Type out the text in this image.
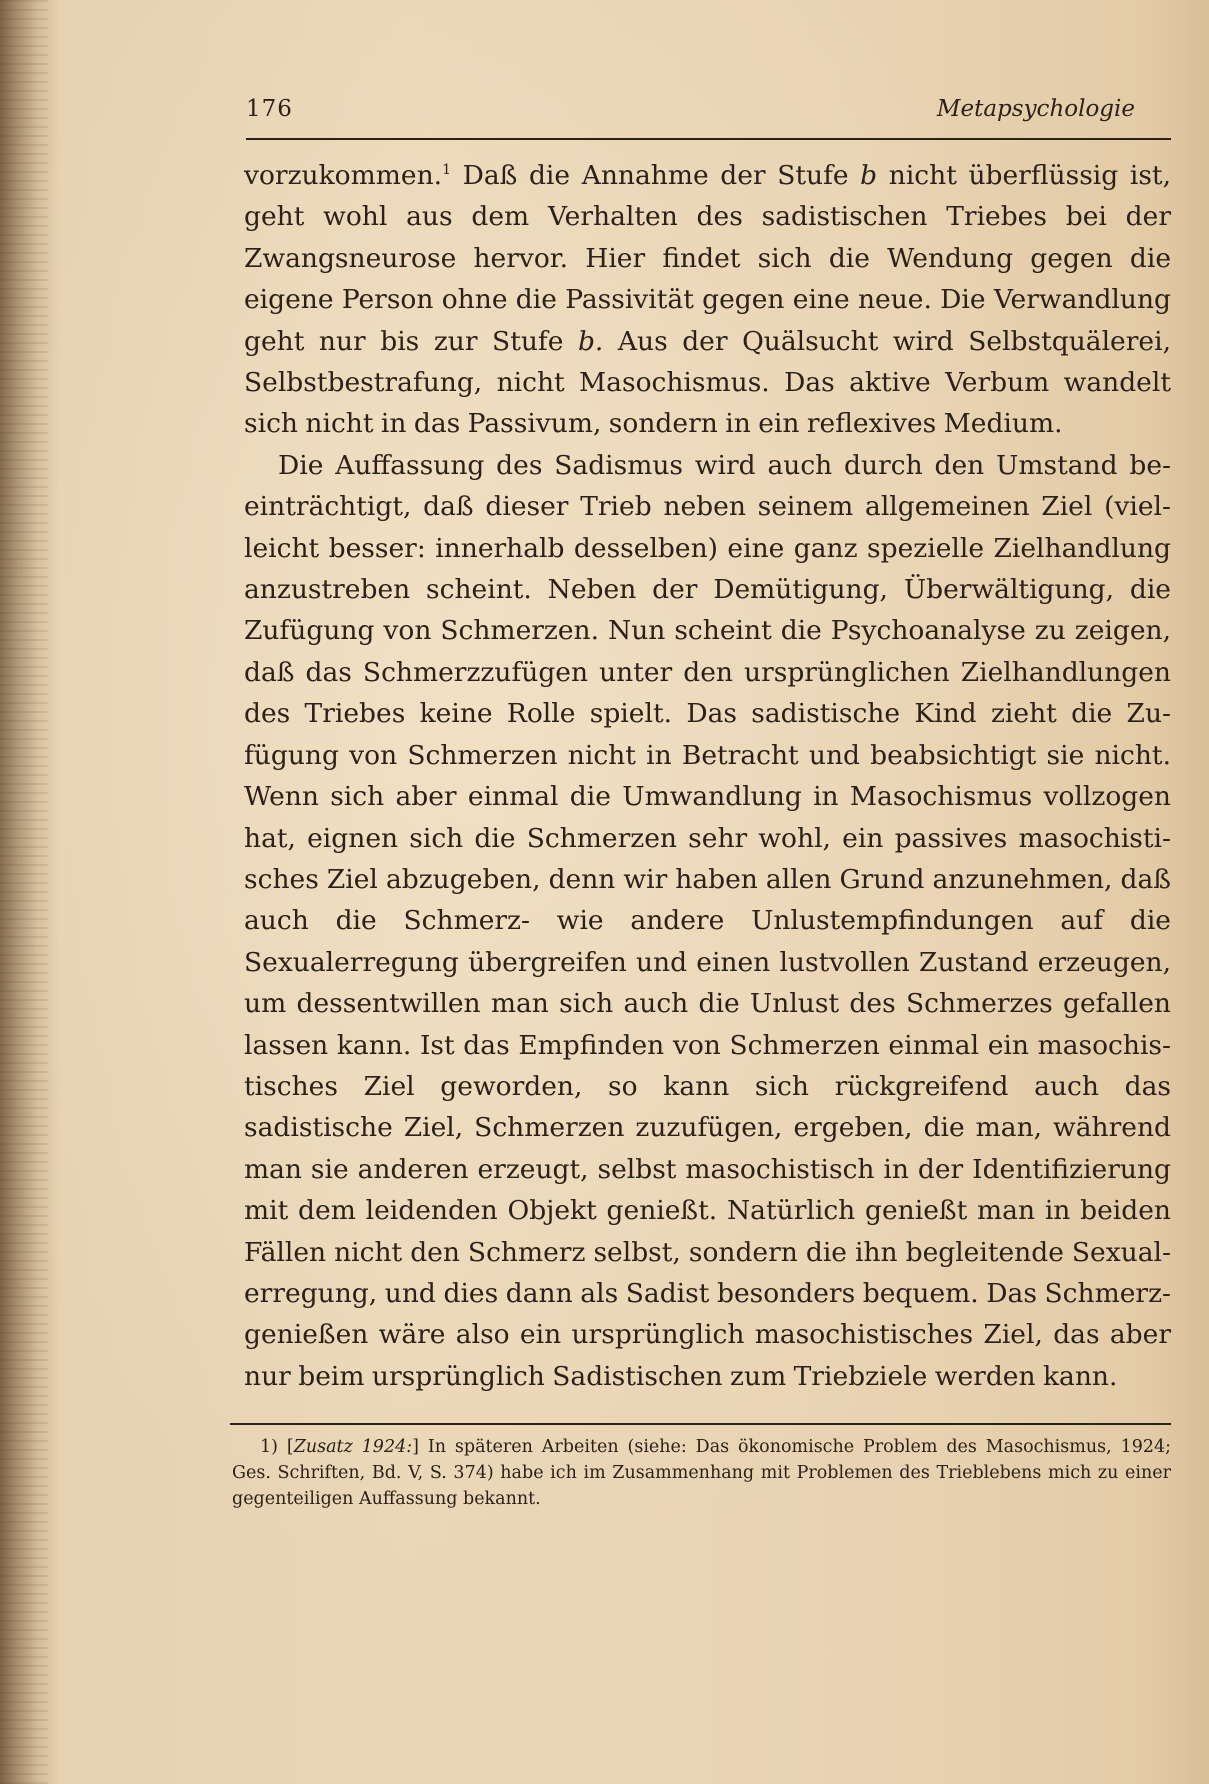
176	Metapsychologie

vorzukommen.$^1$ Daß die Annahme der Stufe b nicht überflüssig ist, geht wohl aus dem Verhalten des sadistischen Triebes bei der Zwangsneurose hervor. Hier findet sich die Wendung gegen die eigene Person ohne die Passivität gegen eine neue. Die Verwandlung geht nur bis zur Stufe b. Aus der Quälsucht wird Selbstquälerei, Selbstbestrafung, nicht Masochismus. Das aktive Verbum wandelt sich nicht in das Passivum, sondern in ein reflexives Medium.

Die Auffassung des Sadismus wird auch durch den Umstand beeinträchtigt, daß dieser Trieb neben seinem allgemeinen Ziel (vielleicht besser: innerhalb desselben) eine ganz spezielle Zielhandlung anzustreben scheint. Neben der Demütigung, Überwältigung, die Zufügung von Schmerzen. Nun scheint die Psychoanalyse zu zeigen, daß das Schmerzzufügen unter den ursprünglichen Zielhandlungen des Triebes keine Rolle spielt. Das sadistische Kind zieht die Zufügung von Schmerzen nicht in Betracht und beabsichtigt sie nicht. Wenn sich aber einmal die Umwandlung in Masochismus vollzogen hat, eignen sich die Schmerzen sehr wohl, ein passives masochistisches Ziel abzugeben, denn wir haben allen Grund anzunehmen, daß auch die Schmerz- wie andere Unlustempfindungen auf die Sexualerregung übergreifen und einen lustvollen Zustand erzeugen, um dessentwillen man sich auch die Unlust des Schmerzes gefallen lassen kann. Ist das Empfinden von Schmerzen einmal ein masochistisches Ziel geworden, so kann sich rückgreifend auch das sadistische Ziel, Schmerzen zuzufügen, ergeben, die man, während man sie anderen erzeugt, selbst masochistisch in der Identifizierung mit dem leidenden Objekt genießt. Natürlich genießt man in beiden Fällen nicht den Schmerz selbst, sondern die ihn begleitende Sexualerregung, und dies dann als Sadist besonders bequem. Das Schmerzgenießen wäre also ein ursprünglich masochistisches Ziel, das aber nur beim ursprünglich Sadistischen zum Triebziele werden kann.

1) [Zusatz 1924:] In späteren Arbeiten (siehe: Das ökonomische Problem des Masochismus, 1924; Ges. Schriften, Bd. V, S. 374) habe ich im Zusammenhang mit Problemen des Trieblebens mich zu einer gegenteiligen Auffassung bekannt.
